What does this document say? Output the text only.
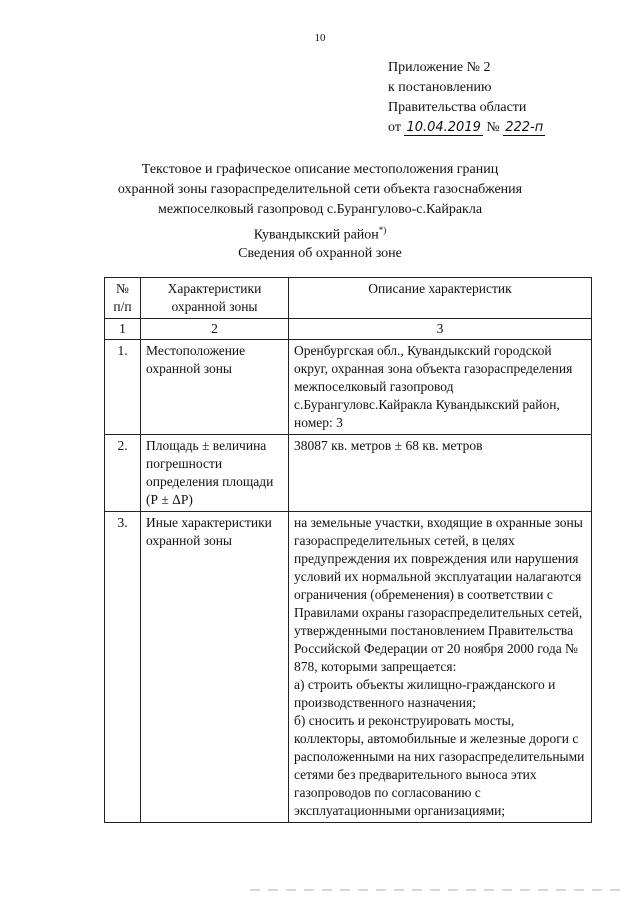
10
Приложение № 2
к постановлению
Правительства области
от 10.04.2019 № 222-п
Текстовое и графическое описание местоположения границ
охранной зоны газораспределительной сети объекта газоснабжения
межпоселковый газопровод с.Бурангулово-с.Кайракла
Кувандыкский район*)
Сведения об охранной зоне
№ п/п	Характеристики охранной зоны	Описание характеристик
1	2	3
1.	Местоположение охранной зоны	Оренбургская обл., Кувандыкский городской округ, охранная зона объекта газораспределения межпоселковый газопровод с.Бурангуловс.Кайракла Кувандыкский район, номер: 3
2.	Площадь ± величина погрешности определения площади (Р ± ΔР)	38087 кв. метров ± 68 кв. метров
3.	Иные характеристики охранной зоны	на земельные участки, входящие в охранные зоны газораспределительных сетей, в целях предупреждения их повреждения или нарушения условий их нормальной эксплуатации налагаются ограничения (обременения) в соответствии с Правилами охраны газораспределительных сетей, утвержденными постановлением Правительства Российской Федерации от 20 ноября 2000 года № 878, которыми запрещается:
а) строить объекты жилищно-гражданского и производственного назначения;
б) сносить и реконструировать мосты, коллекторы, автомобильные и железные дороги с расположенными на них газораспределительными сетями без предварительного выноса этих газопроводов по согласованию с эксплуатационными организациями;
